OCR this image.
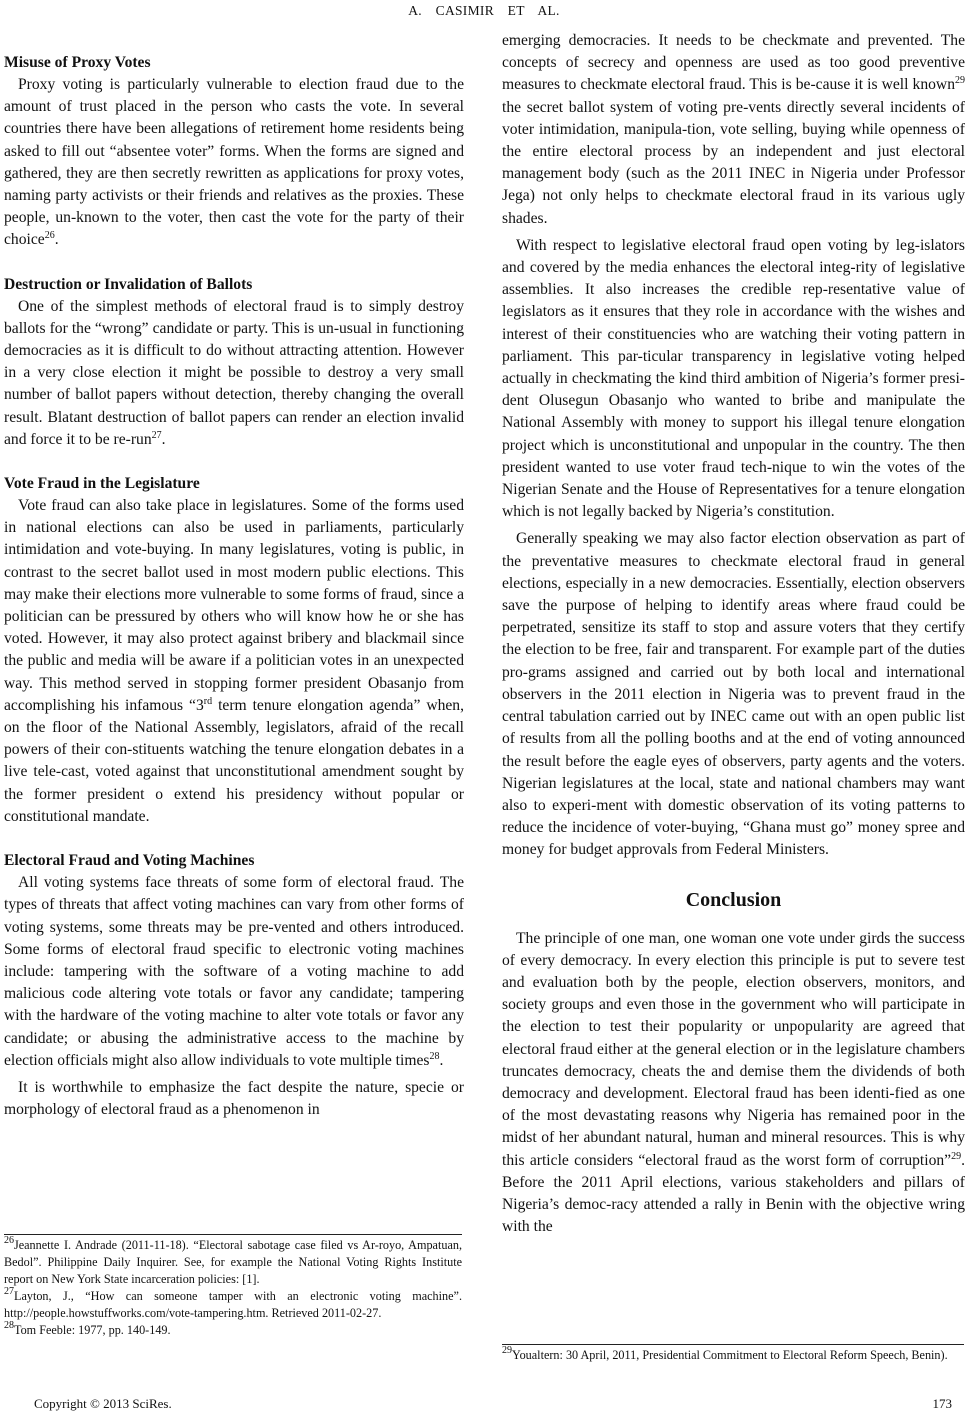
A. CASIMIR ET AL.
Misuse of Proxy Votes

Proxy voting is particularly vulnerable to election fraud due to the amount of trust placed in the person who casts the vote. In several countries there have been allegations of retirement home residents being asked to fill out “absentee voter” forms. When the forms are signed and gathered, they are then secretly rewritten as applications for proxy votes, naming party activists or their friends and relatives as the proxies. These people, un-known to the voter, then cast the vote for the party of their choice$^{26}$.

Destruction or Invalidation of Ballots

One of the simplest methods of electoral fraud is to simply destroy ballots for the “wrong” candidate or party. This is un-usual in functioning democracies as it is difficult to do without attracting attention. However in a very close election it might be possible to destroy a very small number of ballot papers without detection, thereby changing the overall result. Blatant destruction of ballot papers can render an election invalid and force it to be re-run$^{27}$.

Vote Fraud in the Legislature

Vote fraud can also take place in legislatures. Some of the forms used in national elections can also be used in parliaments, particularly intimidation and vote-buying. In many legislatures, voting is public, in contrast to the secret ballot used in most modern public elections. This may make their elections more vulnerable to some forms of fraud, since a politician can be pressured by others who will know how he or she has voted. However, it may also protect against bribery and blackmail since the public and media will be aware if a politician votes in an unexpected way. This method served in stopping former president Obasanjo from accomplishing his infamous “3rd term tenure elongation agenda” when, on the floor of the National Assembly, legislators, afraid of the recall powers of their con-stituents watching the tenure elongation debates in a live tele-cast, voted against that unconstitutional amendment sought by the former president o extend his presidency without popular or constitutional mandate.

Electoral Fraud and Voting Machines

All voting systems face threats of some form of electoral fraud. The types of threats that affect voting machines can vary from other forms of voting systems, some threats may be pre-vented and others introduced. Some forms of electoral fraud specific to electronic voting machines include: tampering with the software of a voting machine to add malicious code altering vote totals or favor any candidate; tampering with the hardware of the voting machine to alter vote totals or favor any candidate; or abusing the administrative access to the machine by election officials might also allow individuals to vote multiple times$^{28}$.

It is worthwhile to emphasize the fact despite the nature, specie or morphology of electoral fraud as a phenomenon in

emerging democracies. It needs to be checkmate and prevented. The concepts of secrecy and openness are used as too good preventive measures to checkmate electoral fraud. This is be-cause it is well known$^{29}$ the secret ballot system of voting pre-vents directly several incidents of voter intimidation, manipula-tion, vote selling, buying while openness of the entire electoral process by an independent and just electoral management body (such as the 2011 INEC in Nigeria under Professor Jega) not only helps to checkmate electoral fraud in its various ugly shades.

With respect to legislative electoral fraud open voting by leg-islators and covered by the media enhances the electoral integ-rity of legislative assemblies. It also increases the credible rep-resentative value of legislators as it ensures that they role in accordance with the wishes and interest of their constituencies who are watching their voting pattern in parliament. This par-ticular transparency in legislative voting helped actually in checkmating the kind third ambition of Nigeria’s former presi-dent Olusegun Obasanjo who wanted to bribe and manipulate the National Assembly with money to support his illegal tenure elongation project which is unconstitutional and unpopular in the country. The then president wanted to use voter fraud tech-nique to win the votes of the Nigerian Senate and the House of Representatives for a tenure elongation which is not legally backed by Nigeria’s constitution.

Generally speaking we may also factor election observation as part of the preventative measures to checkmate electoral fraud in general elections, especially in a new democracies. Essentially, election observers save the purpose of helping to identify areas where fraud could be perpetrated, sensitize its staff to stop and assure voters that they certify the election to be free, fair and transparent. For example part of the duties pro-grams assigned and carried out by both local and international observers in the 2011 election in Nigeria was to prevent fraud in the central tabulation carried out by INEC came out with an open public list of results from all the polling booths and at the end of voting announced the result before the eagle eyes of observers, party agents and the voters. Nigerian legislatures at the local, state and national chambers may want also to experi-ment with domestic observation of its voting patterns to reduce the incidence of voter-buying, “Ghana must go” money spree and money for budget approvals from Federal Ministers.

Conclusion

The principle of one man, one woman one vote under girds the success of every democracy. In every election this principle is put to severe test and evaluation both by the people, election observers, monitors, and society groups and even those in the government who will participate in the election to test their popularity or unpopularity are agreed that electoral fraud either at the general election or in the legislature chambers truncates democracy, cheats the and demise them the dividends of both democracy and development. Electoral fraud has been identi-fied as one of the most devastating reasons why Nigeria has remained poor in the midst of her abundant natural, human and mineral resources. This is why this article considers “electoral fraud as the worst form of corruption”$^{29}$. Before the 2011 April elections, various stakeholders and pillars of Nigeria’s democ-racy attended a rally in Benin with the objective wring with the

$^{26}$Jeannette I. Andrade (2011-11-18). “Electoral sabotage case filed vs Ar-royo, Ampatuan, Bedol”. Philippine Daily Inquirer. See, for example the National Voting Rights Institute report on New York State incarceration policies: [1].

$^{27}$Layton, J., “How can someone tamper with an electronic voting machine”. http://people.howstuffworks.com/vote-tampering.htm. Retrieved 2011-02-27.

$^{28}$Tom Feeble: 1977, pp. 140-149.

$^{29}$Youaltern: 30 April, 2011, Presidential Commitment to Electoral Reform Speech, Benin).

Copyright © 2013 SciRes.	173
